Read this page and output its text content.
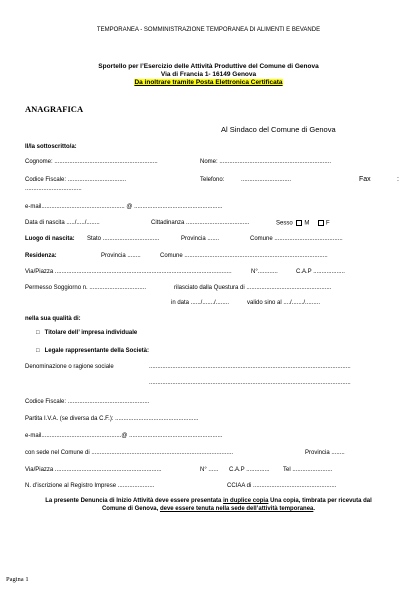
TEMPORANEA - SOMMINISTRAZIONE TEMPORANEA DI ALIMENTI E BEVANDE
Sportello per l’Esercizio delle Attività Produttive del Comune di Genova
Via di Francia 1- 16149 Genova
Da inoltrare tramite Posta Elettronica Certificata
ANAGRAFICA
Al Sindaco del Comune di Genova
Il/la sottoscritto/a:
Cognome: ..............................................................	Nome: ...................................................................
Codice Fiscale: ...................................	Telefono:	..............................	Fax	:
..................................
e-mail.................................................. @ .....................................................
Data di nascita ...../...../........	Cittadinanza ......................................	Sesso M	F
Luogo di nascita: Stato ..................................	Provincia .......	Comune .........................................
Residenza:	Provincia ........	Comune ......................................................................................
Via/Piazza ..........................................................................................................	N°............	C.A.P ...................
Permesso Soggiorno n. ..................................	rilasciato dalla Questura di ...................................................
in data ....../......./........	valido sino al ..../......./.........
nella sua qualità di:
□ Titolare dell’ impresa individuale
□ Legale rappresentante della Società:
Denominazione o ragione sociale	.........................................................................................................................
.........................................................................................................................
Codice Fiscale: .................................................
Partita I.V.A. (se diversa da C.F.): ..................................................
e-mail................................................@ ........................................................
con sede nel Comune di .....................................................................................	Provincia ........
Via/Piazza ................................................................	N° ...... C.A.P .............. Tel ........................
N. d’iscrizione al Registro Imprese ......................	CCIAA di ..................................................
La presente Denuncia di Inizio Attività deve essere presentata in duplice copia Una copia, timbrata per ricevuta dal
Comune di Genova, deve essere tenuta nella sede dell’attività temporanea.
Pagina 1
